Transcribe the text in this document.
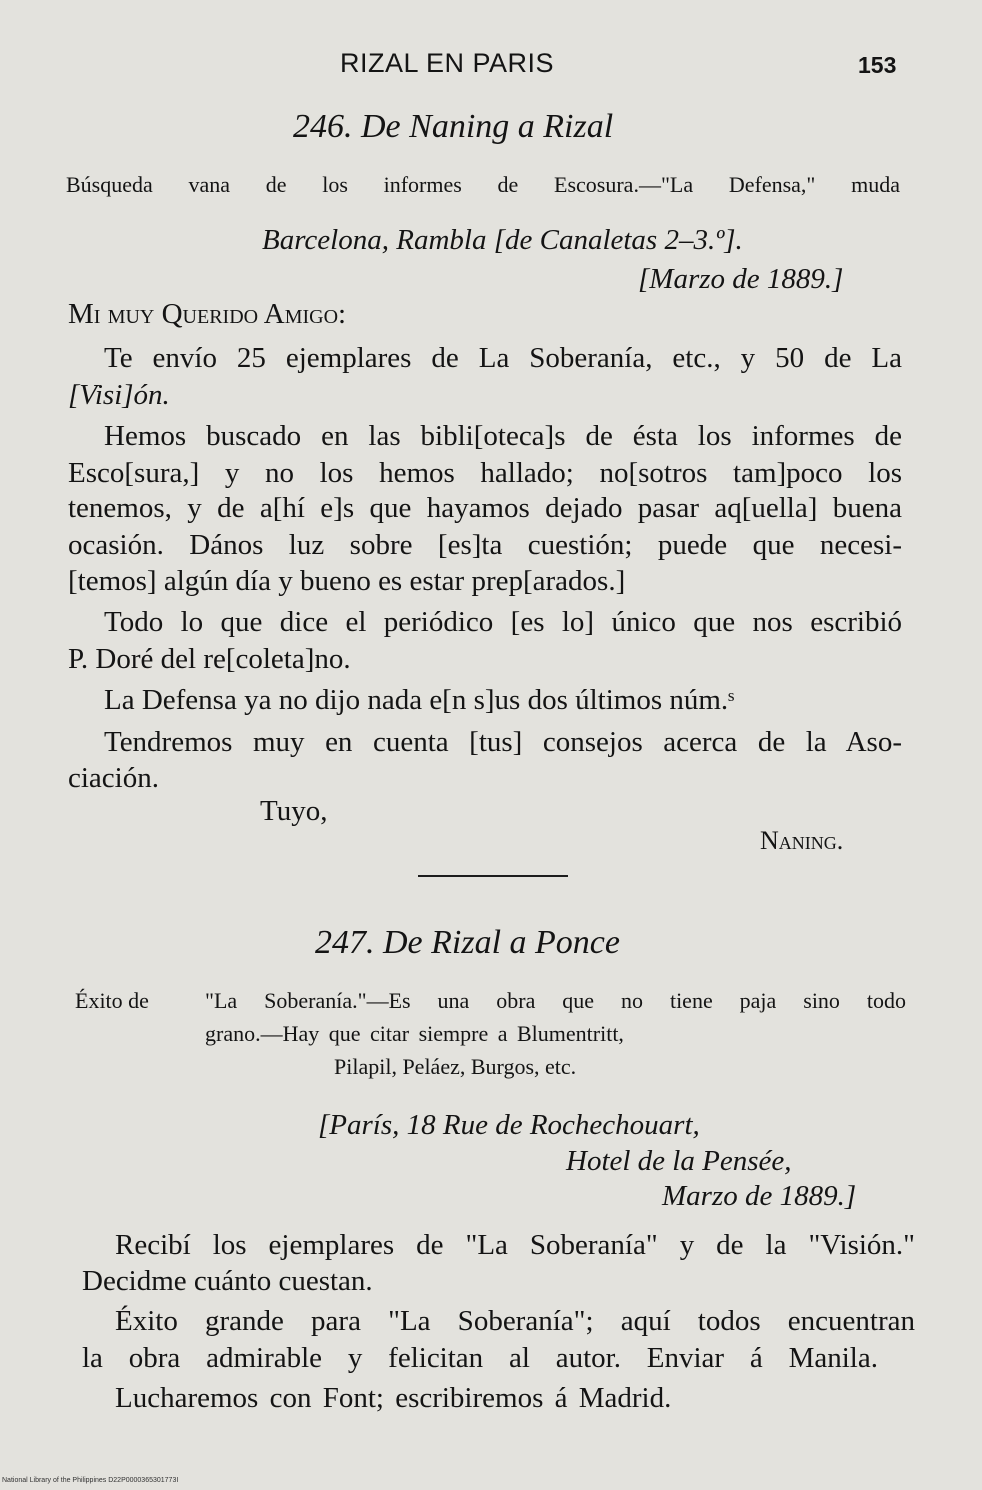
RIZAL EN PARIS	153
246. De Naning a Rizal
Búsqueda vana de los informes de Escosura.—"La Defensa," muda
Barcelona, Rambla [de Canaletas 2–3.º].
[Marzo de 1889.]
Mi muy Querido Amigo:
Te envío 25 ejemplares de La Soberanía, etc., y 50 de La
[Visi]ón.
Hemos buscado en las bibli[oteca]s de ésta los informes de
Esco[sura,] y no los hemos hallado; no[sotros tam]poco los
tenemos, y de a[hí e]s que hayamos dejado pasar aq[uella] buena
ocasión. Dános luz sobre [es]ta cuestión; puede que necesi-
[temos] algún día y bueno es estar prep[arados.]
Todo lo que dice el periódico [es lo] único que nos escribió
P. Doré del re[coleta]no.
La Defensa ya no dijo nada e[n s]us dos últimos núm.ˢ
Tendremos muy en cuenta [tus] consejos acerca de la Aso-
ciación.
Tuyo,
Naning.
247. De Rizal a Ponce
Éxito de	"La Soberanía."—Es una obra que no tiene paja sino todo
grano.—Hay que citar siempre a Blumentritt,
Pilapil, Peláez, Burgos, etc.
[París, 18 Rue de Rochechouart,
Hotel de la Pensée,
Marzo de 1889.]
Recibí los ejemplares de "La Soberanía" y de la "Visión."
Decidme cuánto cuestan.
Éxito grande para "La Soberanía"; aquí todos encuentran
la obra admirable y felicitan al autor. Enviar á Manila.
Lucharemos con Font; escribiremos á Madrid.
National Library of the Philippines D22P0000365301773I
